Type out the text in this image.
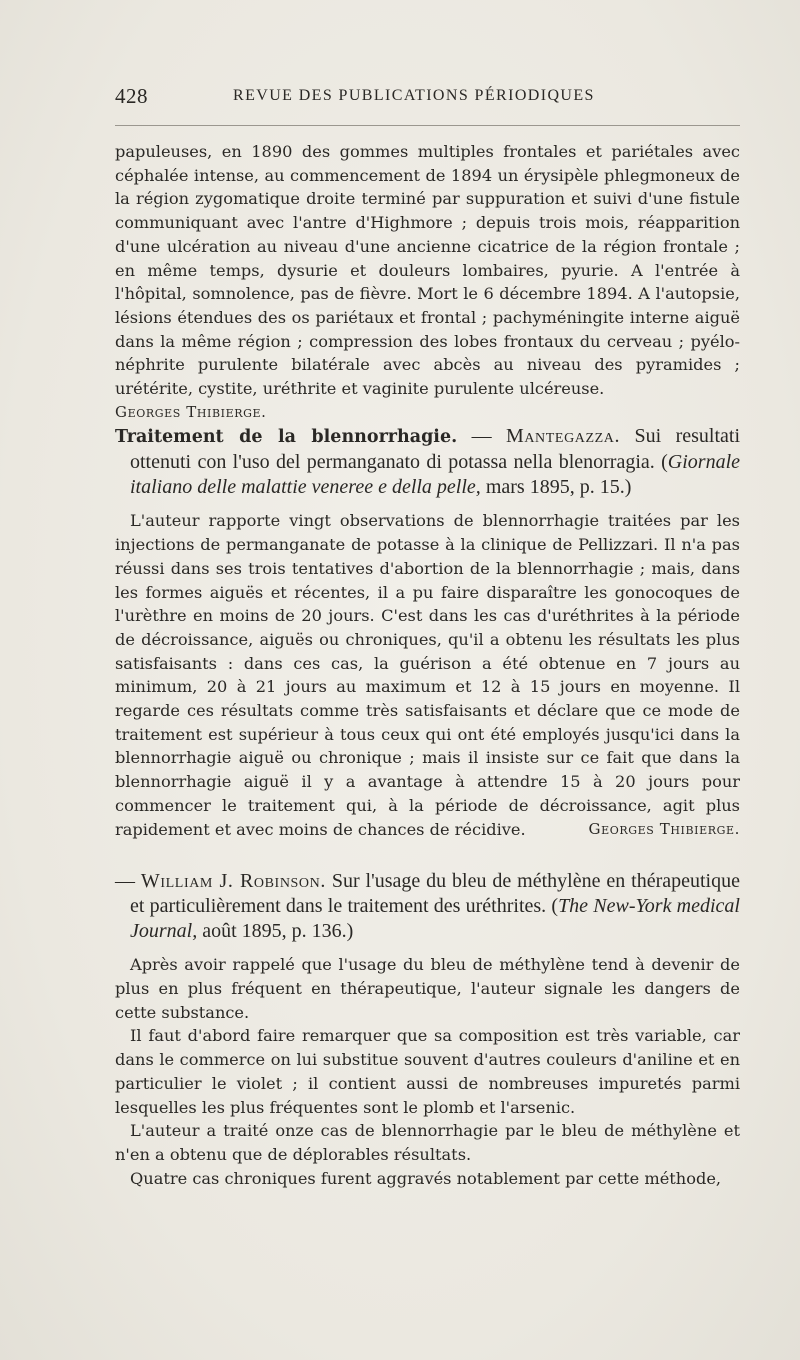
428	REVUE DES PUBLICATIONS PÉRIODIQUES

papuleuses, en 1890 des gommes multiples frontales et pariétales avec céphalée intense, au commencement de 1894 un érysipèle phlegmoneux de la région zygomatique droite terminé par suppuration et suivi d'une fistule communiquant avec l'antre d'Highmore ; depuis trois mois, réapparition d'une ulcération au niveau d'une ancienne cicatrice de la région frontale ; en même temps, dysurie et douleurs lombaires, pyurie. A l'entrée à l'hôpital, somnolence, pas de fièvre. Mort le 6 décembre 1894. A l'autopsie, lésions étendues des os pariétaux et frontal ; pachyméningite interne aiguë dans la même région ; compression des lobes frontaux du cerveau ; pyélo-néphrite purulente bilatérale avec abcès au niveau des pyramides ; urétérite, cystite, uréthrite et vaginite purulente ulcéreuse.

Georges Thibierge.

Traitement de la blennorrhagie. — Mantegazza. Sui resultati ottenuti con l'uso del permanganato di potassa nella blenorragia. (Giornale italiano delle malattie veneree e della pelle, mars 1895, p. 15.)

L'auteur rapporte vingt observations de blennorrhagie traitées par les injections de permanganate de potasse à la clinique de Pellizzari. Il n'a pas réussi dans ses trois tentatives d'abortion de la blennorrhagie ; mais, dans les formes aiguës et récentes, il a pu faire disparaître les gonocoques de l'urèthre en moins de 20 jours. C'est dans les cas d'uréthrites à la période de décroissance, aiguës ou chroniques, qu'il a obtenu les résultats les plus satisfaisants : dans ces cas, la guérison a été obtenue en 7 jours au minimum, 20 à 21 jours au maximum et 12 à 15 jours en moyenne. Il regarde ces résultats comme très satisfaisants et déclare que ce mode de traitement est supérieur à tous ceux qui ont été employés jusqu'ici dans la blennorrhagie aiguë ou chronique ; mais il insiste sur ce fait que dans la blennorrhagie aiguë il y a avantage à attendre 15 à 20 jours pour commencer le traitement qui, à la période de décroissance, agit plus rapidement et avec moins de chances de récidive.	Georges Thibierge.

— William J. Robinson. Sur l'usage du bleu de méthylène en thérapeutique et particulièrement dans le traitement des uréthrites. (The New-York medical Journal, août 1895, p. 136.)

Après avoir rappelé que l'usage du bleu de méthylène tend à devenir de plus en plus fréquent en thérapeutique, l'auteur signale les dangers de cette substance.

Il faut d'abord faire remarquer que sa composition est très variable, car dans le commerce on lui substitue souvent d'autres couleurs d'aniline et en particulier le violet ; il contient aussi de nombreuses impuretés parmi lesquelles les plus fréquentes sont le plomb et l'arsenic.

L'auteur a traité onze cas de blennorrhagie par le bleu de méthylène et n'en a obtenu que de déplorables résultats.

Quatre cas chroniques furent aggravés notablement par cette méthode,
